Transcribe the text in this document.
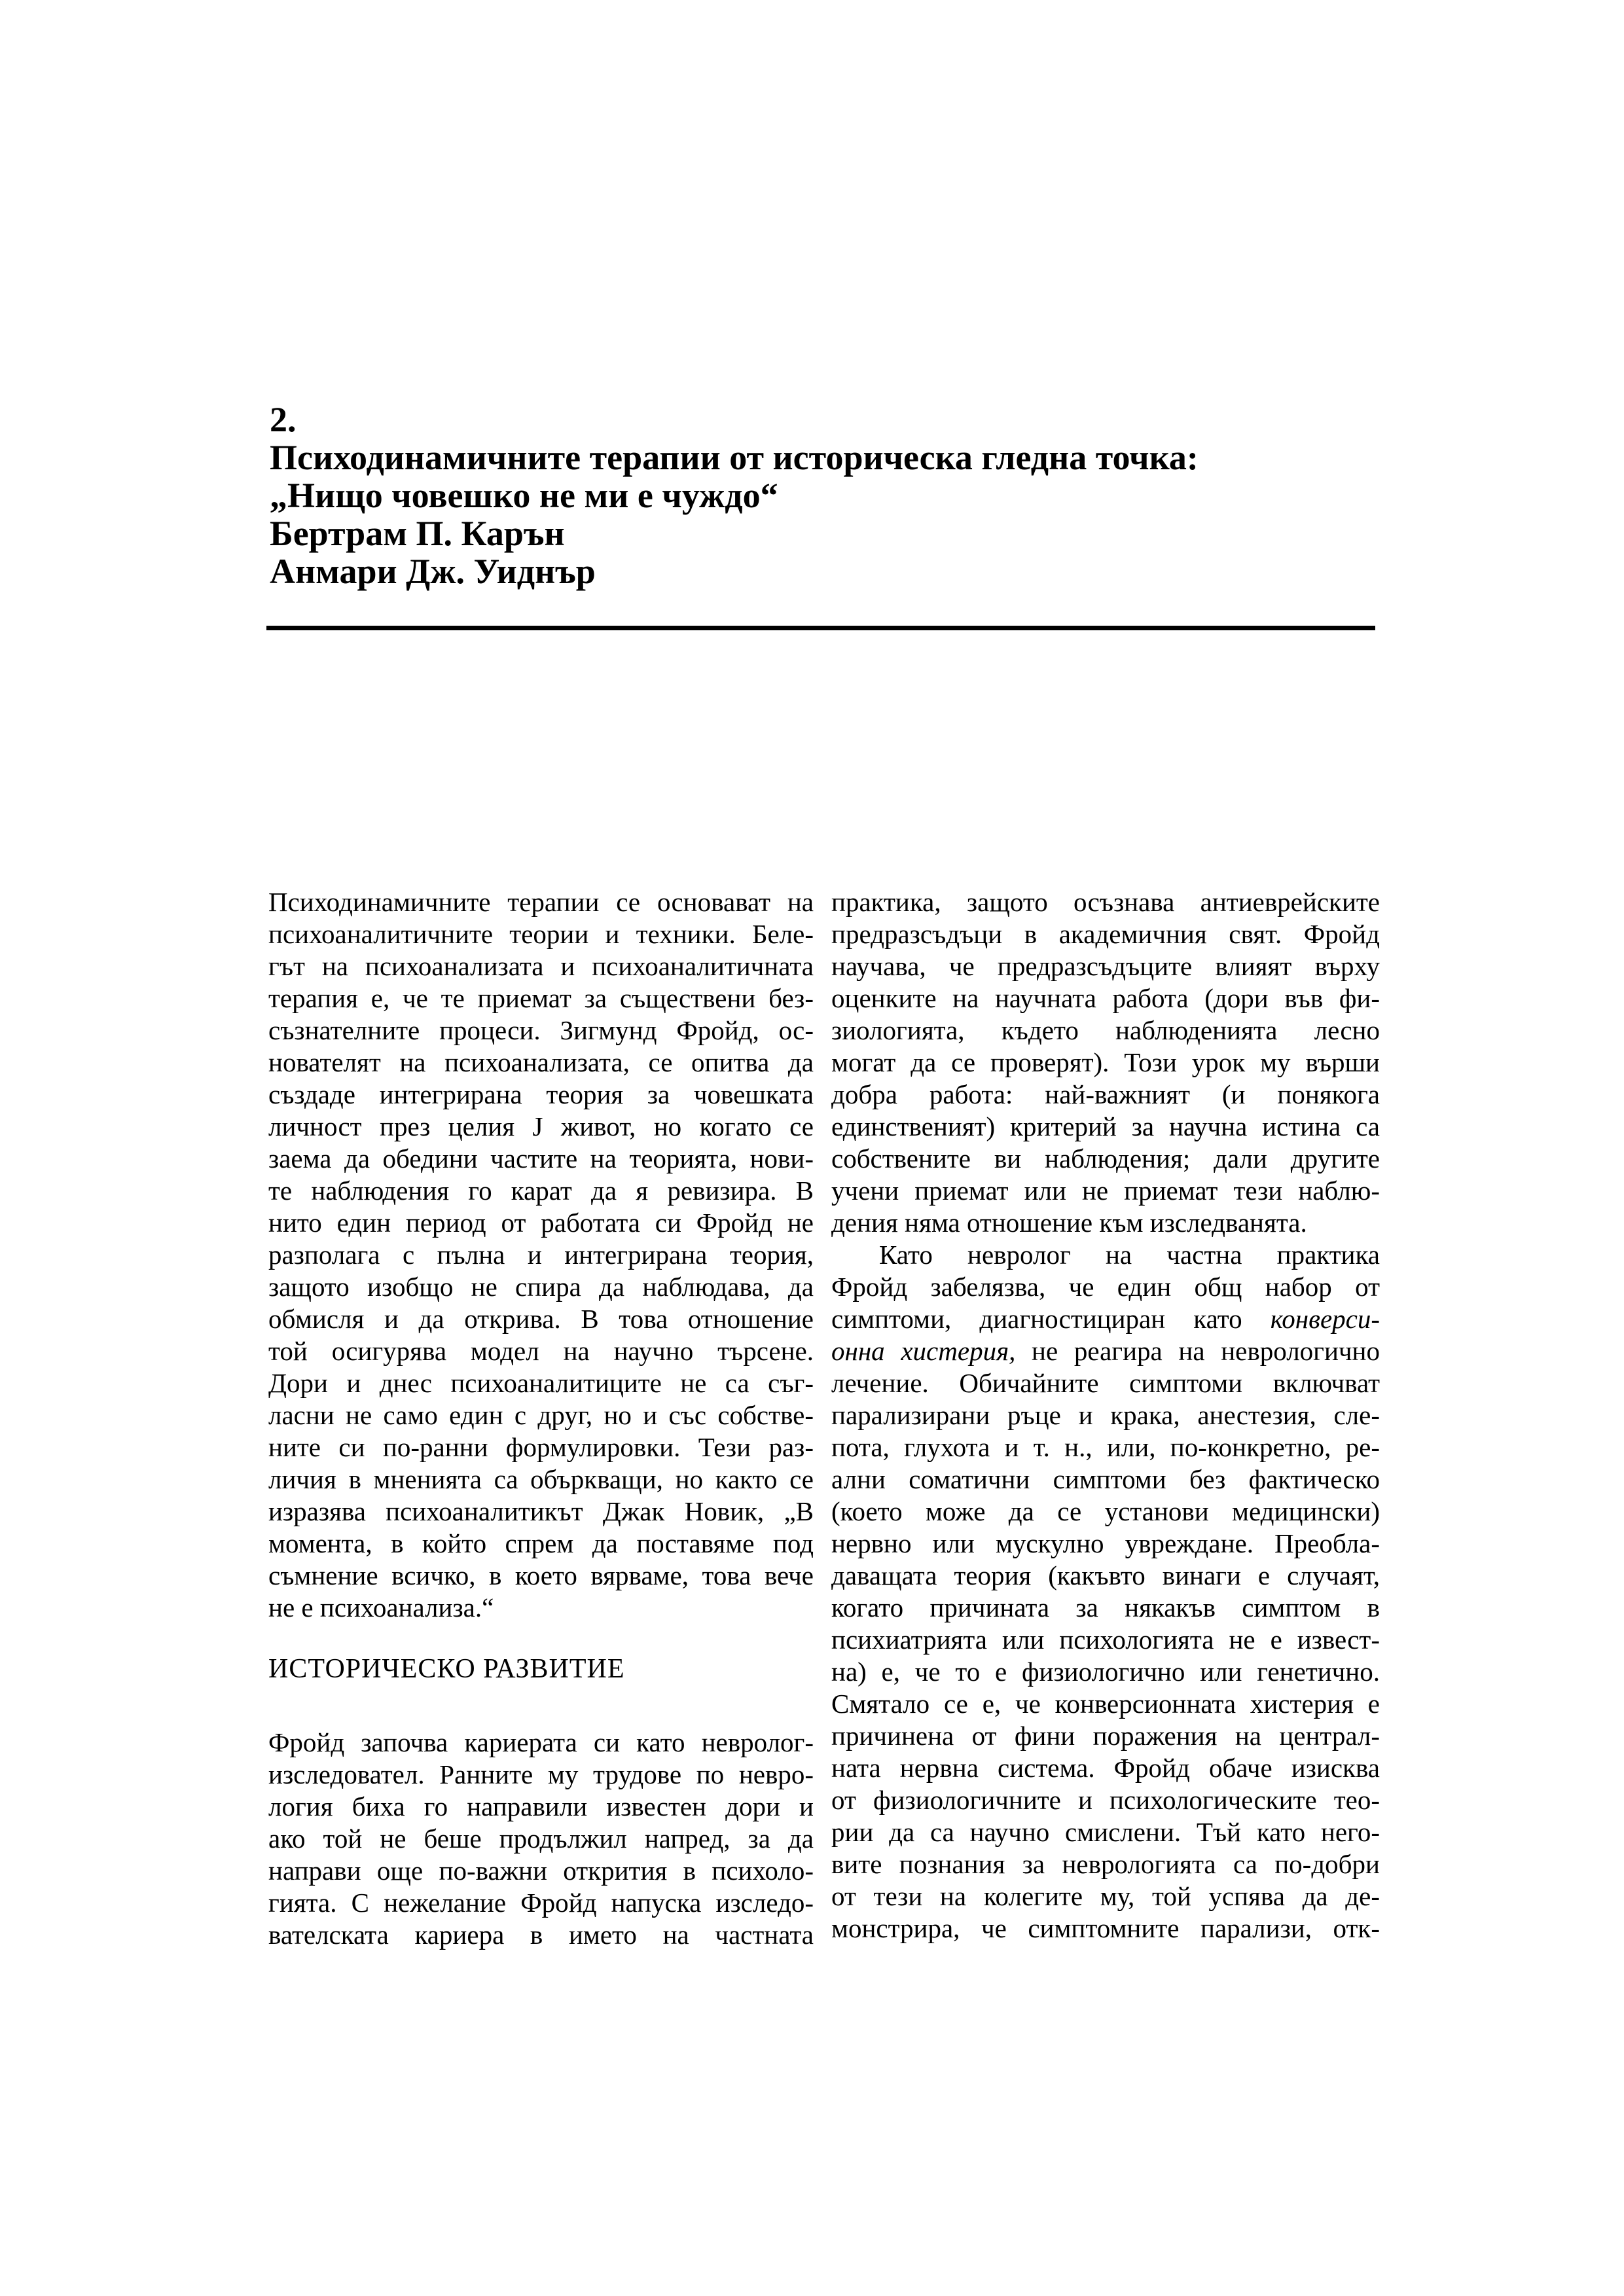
2.
Психодинамичните терапии от историческа гледна точка:
„Нищо човешко не ми е чуждо“
Бертрам П. Карън
Анмари Дж. Уиднър
Психодинамичните терапии се основават на
психоаналитичните теории и техники. Беле-
гът на психоанализата и психоаналитичната
терапия е, че те приемат за съществени без-
съзнателните процеси. Зигмунд Фройд, ос-
нователят на психоанализата, се опитва да
създаде интегрирана теория за човешката
личност през целия J живот, но когато се
заема да обедини частите на теорията, нови-
те наблюдения го карат да я ревизира. В
нито един период от работата си Фройд не
разполага с пълна и интегрирана теория,
защото изобщо не спира да наблюдава, да
обмисля и да открива. В това отношение
той осигурява модел на научно търсене.
Дори и днес психоаналитиците не са съг-
ласни не само един с друг, но и със собстве-
ните си по-ранни формулировки. Тези раз-
личия в мненията са объркващи, но както се
изразява психоаналитикът Джак Новик, „В
момента, в който спрем да поставяме под
съмнение всичко, в което вярваме, това вече
не е психоанализа.“
ИСТОРИЧЕСКО РАЗВИТИЕ
Фройд започва кариерата си като невролог-
изследовател. Ранните му трудове по невро-
логия биха го направили известен дори и
ако той не беше продължил напред, за да
направи още по-важни открития в психоло-
гията. С нежелание Фройд напуска изследо-
вателската кариера в името на частната
практика, защото осъзнава антиеврейските
предразсъдъци в академичния свят. Фройд
научава, че предразсъдъците влияят върху
оценките на научната работа (дори във фи-
зиологията, където наблюденията лесно
могат да се проверят). Този урок му върши
добра работа: най-важният (и понякога
единственият) критерий за научна истина са
собствените ви наблюдения; дали другите
учени приемат или не приемат тези наблю-
дения няма отношение към изследванята.
Като невролог на частна практика
Фройд забелязва, че един общ набор от
симптоми, диагностициран като конверси-
онна хистерия, не реагира на неврологично
лечение. Обичайните симптоми включват
парализирани ръце и крака, анестезия, сле-
пота, глухота и т. н., или, по-конкретно, ре-
ални соматични симптоми без фактическо
(което може да се установи медицински)
нервно или мускулно увреждане. Преобла-
даващата теория (какъвто винаги е случаят,
когато причината за някакъв симптом в
психиатрията или психологията не е извест-
на) е, че то е физиологично или генетично.
Смятало се е, че конверсионната хистерия е
причинена от фини поражения на централ-
ната нервна система. Фройд обаче изисква
от физиологичните и психологическите тео-
рии да са научно смислени. Тъй като него-
вите познания за неврологията са по-добри
от тези на колегите му, той успява да де-
монстрира, че симптомните парализи, отк-
